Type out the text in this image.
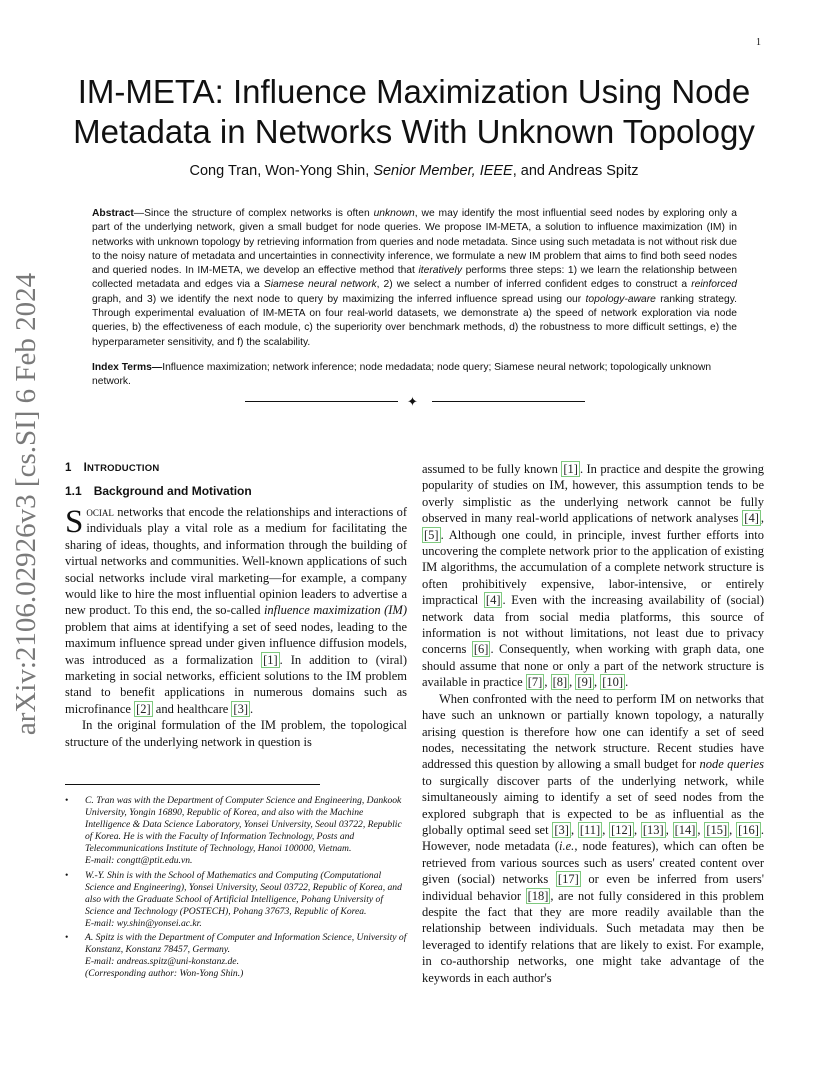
1
arXiv:2106.02926v3 [cs.SI] 6 Feb 2024
IM-META: Influence Maximization Using Node Metadata in Networks With Unknown Topology
Cong Tran, Won-Yong Shin, Senior Member, IEEE, and Andreas Spitz

Abstract—Since the structure of complex networks is often unknown, we may identify the most influential seed nodes by exploring only a part of the underlying network, given a small budget for node queries. We propose IM-META, a solution to influence maximization (IM) in networks with unknown topology by retrieving information from queries and node metadata. Since using such metadata is not without risk due to the noisy nature of metadata and uncertainties in connectivity inference, we formulate a new IM problem that aims to find both seed nodes and queried nodes. In IM-META, we develop an effective method that iteratively performs three steps: 1) we learn the relationship between collected metadata and edges via a Siamese neural network, 2) we select a number of inferred confident edges to construct a reinforced graph, and 3) we identify the next node to query by maximizing the inferred influence spread using our topology-aware ranking strategy. Through experimental evaluation of IM-META on four real-world datasets, we demonstrate a) the speed of network exploration via node queries, b) the effectiveness of each module, c) the superiority over benchmark methods, d) the robustness to more difficult settings, e) the hyperparameter sensitivity, and f) the scalability.

Index Terms—Influence maximization; network inference; node medadata; node query; Siamese neural network; topologically unknown network.

✦
1 INTRODUCTION
1.1 Background and Motivation

Social networks that encode the relationships and interactions of individuals play a vital role as a medium for facilitating the sharing of ideas, thoughts, and information through the building of virtual networks and communities. Well-known applications of such social networks include viral marketing—for example, a company would like to hire the most influential opinion leaders to advertise a new product. To this end, the so-called influence maximization (IM) problem that aims at identifying a set of seed nodes, leading to the maximum influence spread under given influence diffusion models, was introduced as a formalization [1] . In addition to (viral) marketing in social networks, efficient solutions to the IM problem stand to benefit applications in numerous domains such as microfinance [2] and healthcare [3] .

In the original formulation of the IM problem, the topological structure of the underlying network in question is

• C. Tran was with the Department of Computer Science and Engineering, Dankook University, Yongin 16890, Republic of Korea, and also with the Machine Intelligence & Data Science Laboratory, Yonsei University, Seoul 03722, Republic of Korea. He is with the Faculty of Information Technology, Posts and Telecommunications Institute of Technology, Hanoi 100000, Vietnam.
E-mail: congtt@ptit.edu.vn.
• W.-Y. Shin is with the School of Mathematics and Computing (Computational Science and Engineering), Yonsei University, Seoul 03722, Republic of Korea, and also with the Graduate School of Artificial Intelligence, Pohang University of Science and Technology (POSTECH), Pohang 37673, Republic of Korea.
E-mail: wy.shin@yonsei.ac.kr.
• A. Spitz is with the Department of Computer and Information Science, University of Konstanz, Konstanz 78457, Germany.
E-mail: andreas.spitz@uni-konstanz.de.
(Corresponding author: Won-Yong Shin.)

assumed to be fully known [1] . In practice and despite the growing popularity of studies on IM, however, this assumption tends to be overly simplistic as the underlying network cannot be fully observed in many real-world applications of network analyses [4] , [5] . Although one could, in principle, invest further efforts into uncovering the complete network prior to the application of existing IM algorithms, the accumulation of a complete network structure is often prohibitively expensive, labor-intensive, or entirely impractical [4] . Even with the increasing availability of (social) network data from social media platforms, this source of information is not without limitations, not least due to privacy concerns [6] . Consequently, when working with graph data, one should assume that none or only a part of the network structure is available in practice [7] , [8] , [9] , [10] .

When confronted with the need to perform IM on networks that have such an unknown or partially known topology, a naturally arising question is therefore how one can identify a set of seed nodes, necessitating the network structure. Recent studies have addressed this question by allowing a small budget for node queries to surgically discover parts of the underlying network, while simultaneously aiming to identify a set of seed nodes from the explored subgraph that is expected to be as influential as the globally optimal seed set [3] , [11] , [12] , [13] , [14] , [15] , [16] . However, node metadata (i.e., node features), which can often be retrieved from various sources such as users' created content over given (social) networks [17] or even be inferred from users' individual behavior [18] , are not fully considered in this problem despite the fact that they are more readily available than the relationship between individuals. Such metadata may then be leveraged to identify relations that are likely to exist. For example, in co-authorship networks, one might take advantage of the keywords in each author's
